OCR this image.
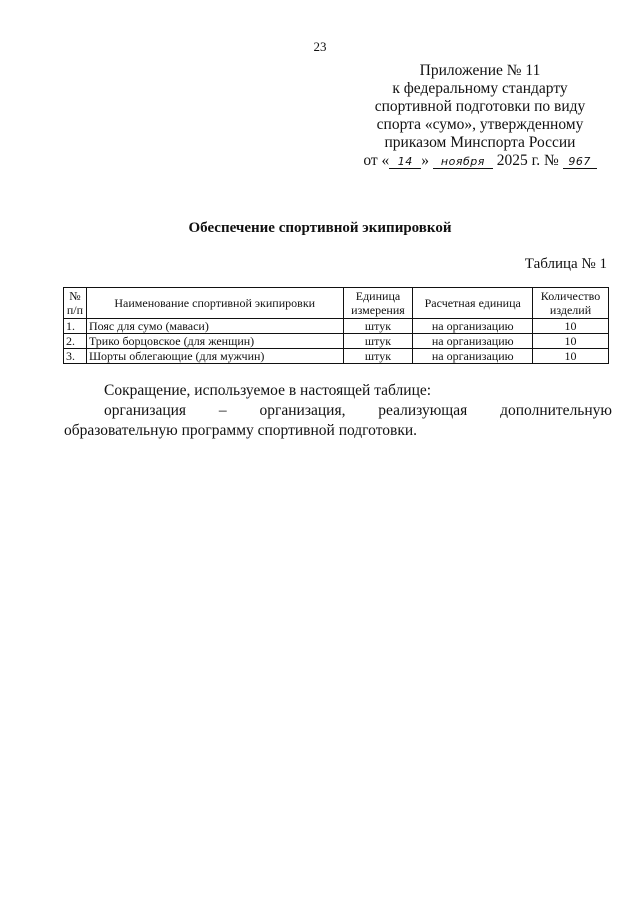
23
Приложение № 11
к федеральному стандарту
спортивной подготовки по виду
спорта «сумо», утвержденному
приказом Минспорта России
от « 14 » ноября 2025 г. № 967
Обеспечение спортивной экипировкой
Таблица № 1
№ п/п	Наименование спортивной экипировки	Единица измерения	Расчетная единица	Количество изделий
1.	Пояс для сумо (маваси)	штук	на организацию	10
2.	Трико борцовское (для женщин)	штук	на организацию	10
3.	Шорты облегающие (для мужчин)	штук	на организацию	10

Сокращение, используемое в настоящей таблице:

организация – организация, реализующая дополнительную образовательную программу спортивной подготовки.
